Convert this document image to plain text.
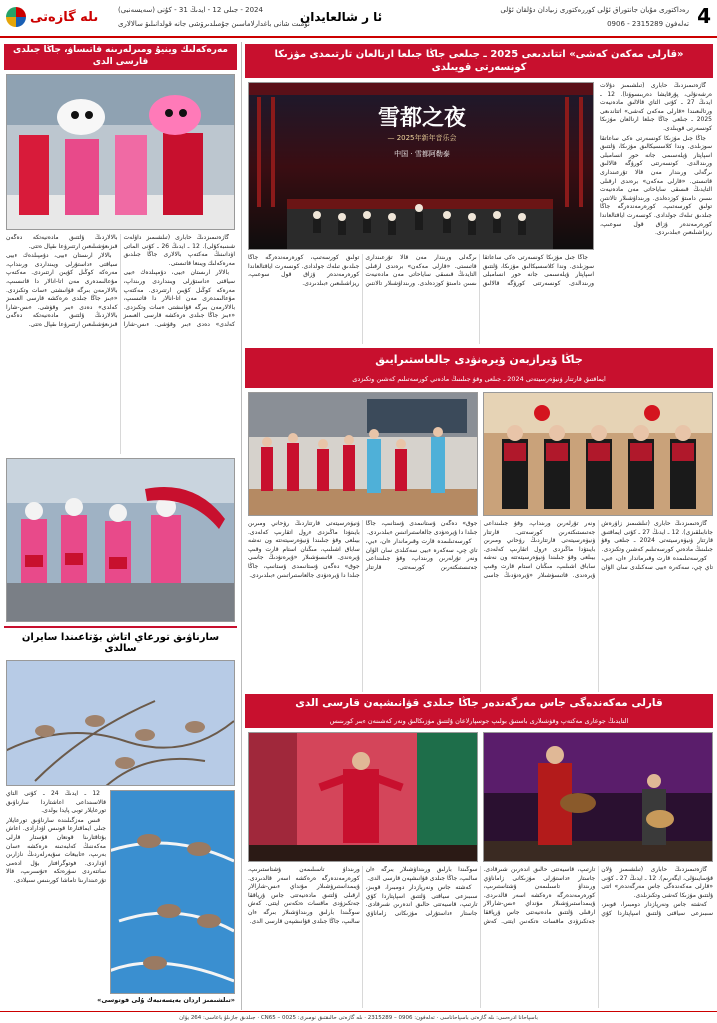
4
رەداكتورى مۇيان جانتوراق ئۇلى كوررەكتورى زىيادان دۇلقان ئۇلى
تەلەفون 2315289 - 0906
ئا ر شالعايدان
2024 - جىلى 12 - ايدىڭ 31 - كۇنى (سەيسەنبى)
ئۇمىت شانى باغدارلاماسىن جۇمىلدىرۋشى جانە قولدانىلىۋ سالالارى
ىلە گازەتى
«قارلى مەكەن كەشى» اتتاندىعى 2025 ـ جىلعى جاڭا جىلعا ارنالعان تارتىمدى مۋزىكا كونسەرتى قويىلدى

گازەتىمىزدىڭ حابارى (تىلشىمىز دۇلات ەرشەنۇلى، پۇرقايشا دەربىسوۆنا). 12 ـ ايدىڭ 27 ـ كۇنى التاي قالالىق مادەنيەت ورتالىعىندا «قارلى مەكەن كەشى» اتتاندىعى 2025 ـ جىلعى جاڭا جىلعا ارنالعان مۋزىكا كونسەرتى قويىلدى.

جاڭا جىل مۋزىكا كونسەرتى ەكى ساعاتقا سوزىلدى. وندا كلاسسيكالىق مۋزىكا، ۇلتتىق اسپاپتار ۇيلەسىمى جانە حور انسامبلى ورىندالدى. كونسەرتتى كورۋگە قالالىق ىرگەلى ورىندار مەن قالا تۇرعىندارى قاتىستى. «قارلى مەكەن» برەندى ارقىلى التايدىڭ قىسقى ساياحاتى مەن مادەنيەت ىسىن دامىتۋ كوزدەلدى. ورىنداۋشىلار تالانتىن تولىق كورسەتىپ، كورەرمەندەرگە جاڭا جىلدىق تىلەك جولدادى. كونسەرت اياقتالعاندا كورەرمەندەر ۇزاق قول سوعىپ، ريزاشىلىعىن ءبىلدىردى.

雪都之夜
— 2025年新年音乐会
中国 · 雪都阿勒泰

جاڭا جىل مۋزىكا كونسەرتى ەكى ساعاتقا سوزىلدى. وندا كلاسسيكالىق مۋزىكا، ۇلتتىق اسپاپتار ۇيلەسىمى جانە حور انسامبلى ورىندالدى. كونسەرتتى كورۋگە قالالىق ىرگەلى ورىندار مەن قالا تۇرعىندارى قاتىستى. «قارلى مەكەن» برەندى ارقىلى التايدىڭ قىسقى ساياحاتى مەن مادەنيەت ىسىن دامىتۋ كوزدەلدى. ورىنداۋشىلار تالانتىن تولىق كورسەتىپ، كورەرمەندەرگە جاڭا جىلدىق تىلەك جولدادى. كونسەرت اياقتالعاندا كورەرمەندەر ۇزاق قول سوعىپ، ريزاشىلىعىن ءبىلدىردى.

جاڭا ۆيرازبەن ۆيرەنۋدى جالعاستىرايىق
ايماقتىق قارتتار ۋنيۆەرسيتەتى 2024 ـ جىلعى وقۋ جىلىنىڭ مادەني كورسەتىلىم كەشىن وتكىزدى

گازەتىمىزدىڭ حابارى (تىلشىمىز زاۋرەش جانابىلقىزى). 12 ـ ايدىڭ 27 ـ كۇنى ايماقتىق قارتتار ۋنيۆەرسيتەتى 2024 ـ جىلعى وقۋ جىلىنىڭ مادەني كورسەتىلىم كەشىن وتكىزدى.

كورسەتىلىمدە قارت وقىرماندار ءان، ءبي، تاي چي، سەكەرە ءبيى سەكىلدى سان الۋان ونەر تۇرلەرىن ورىنداپ، وقۋ جىلىنداعى جەتىستىكتەرىن كورسەتتى. قارتتار ۋنيۆەرسيتەتى قارتتاردىڭ رۋحاني ومىرىن بايىتۋدا ماڭىزدى ءرول اتقارىپ كەلەدى. بيىلعى وقۋ جىلىندا ۋنيۆەرسيتەتتە ون نەشە ساباق اشىلىپ، مىڭنان استام قارت وقىپ ۇيرەندى. قاتىسۋشىلار «ۇيرەنۋدىڭ جاسى جوق» دەگەن ۇستانىمدى ۇستانىپ، جاڭا جىلدا دا ۇيرەنۋدى جالعاستىراتىنىن ءبىلدىردى.

كورسەتىلىمدە قارت وقىرماندار ءان، ءبي، تاي چي، سەكەرە ءبيى سەكىلدى سان الۋان ونەر تۇرلەرىن ورىنداپ، وقۋ جىلىنداعى جەتىستىكتەرىن كورسەتتى. قارتتار ۋنيۆەرسيتەتى قارتتاردىڭ رۋحاني ومىرىن بايىتۋدا ماڭىزدى ءرول اتقارىپ كەلەدى. بيىلعى وقۋ جىلىندا ۋنيۆەرسيتەتتە ون نەشە ساباق اشىلىپ، مىڭنان استام قارت وقىپ ۇيرەندى. قاتىسۋشىلار «ۇيرەنۋدىڭ جاسى جوق» دەگەن ۇستانىمدى ۇستانىپ، جاڭا جىلدا دا ۇيرەنۋدى جالعاستىراتىنىن ءبىلدىردى.

قارلى مەكەندەگى جاس مەرگەندەر جاڭا جىلدى قۋانىشپەن قارسى الدى
التايدىڭ جوعارى مەكتەپ وقۋشىلارى باستىق بولىپ جوسپارلاعان ۇلتتىق مۋزىكالىق ونەر كەشىنەن ءبىر كورىنىس

گازەتىمىزدىڭ حابارى (تىلشىمىز ۇلان قۇسايىنۇلى، ايگەرىم). 12 ـ ايدىڭ 27 ـ كۇنى «قارلى مەكەندەگى جاس مەرگەندەر» اتتى ۇلتتىق مۋزىكا كەشى وتكىزىلدى.

كەشتە جاس ونەرپازدار دومبىرا، قوبىز، سىبىزعى سياقتى ۇلتتىق اسپاپتاردا كۇي تارتىپ، قاسيەتتى حالىق اندەرىن شىرقادى. جاستار ءداستۇرلى مۋزىكانى زاماناۋي ورىنداۋ تاسىلىمەن ۇشتاستىرىپ، كورەرمەندەرگە ەرەكشە اسەر قالدىردى. ۇيىمداستىرۋشىلار مۇنداي ءىس-شارالار ارقىلى ۇلتتىق مادەنيەتتى جاس ۇرپاققا جەتكىزۋدى ماقسات ەتكەنىن ايتتى. كەش سوڭىندا بارلىق ورىنداۋشىلار بىرگە ءان سالىپ، جاڭا جىلدى قۋانىشپەن قارسى الدى.

كەشتە جاس ونەرپازدار دومبىرا، قوبىز، سىبىزعى سياقتى ۇلتتىق اسپاپتاردا كۇي تارتىپ، قاسيەتتى حالىق اندەرىن شىرقادى. جاستار ءداستۇرلى مۋزىكانى زاماناۋي ورىنداۋ تاسىلىمەن ۇشتاستىرىپ، كورەرمەندەرگە ەرەكشە اسەر قالدىردى. ۇيىمداستىرۋشىلار مۇنداي ءىس-شارالار ارقىلى ۇلتتىق مادەنيەتتى جاس ۇرپاققا جەتكىزۋدى ماقسات ەتكەنىن ايتتى. كەش سوڭىندا بارلىق ورىنداۋشىلار بىرگە ءان سالىپ، جاڭا جىلدى قۋانىشپەن قارسى الدى.

مەرەكەلىك وينيۇ ومىرلەرىنە قاتىساۋ، جاڭا جىلدى قارسى الدى

گازەتىمىزدىڭ حابارى (تىلشىمىز داۋلەت شىنىبەكۇلى). 12 ـ ايدىڭ 26 ـ كۇنى الماتى اۋدانىنىڭ مەكتەپ بالالارى جاڭا جىلدىق مەرەكەلىك ويىنعا قاتىستى.

بالالار ارىستان ءبيى، دۇمپىلدەك ءبيى سياقتى ءداستۇرلى ويىنداردى ورىنداپ، مەرەكە كوڭىل كۇيىن ارتتىردى. مەكتەپ مۇعالىمدەرى مەن اتا-انالار دا قاتىسىپ، بالالارمەن بىرگە قۋانىشتى ءسات وتكىزدى. «ءبىز جاڭا جىلدى ەرەكشە قارسى العىمىز كەلدى» دەدى ءبىر وقۋشى. ءىس-شارا بالالاردىڭ ۇلتتىق مادەنيەتكە دەگەن قىزىعۋشىلىعىن ارتتىرۋعا ىقپال ەتتى.

بالالار ارىستان ءبيى، دۇمپىلدەك ءبيى سياقتى ءداستۇرلى ويىنداردى ورىنداپ، مەرەكە كوڭىل كۇيىن ارتتىردى. مەكتەپ مۇعالىمدەرى مەن اتا-انالار دا قاتىسىپ، بالالارمەن بىرگە قۋانىشتى ءسات وتكىزدى. «ءبىز جاڭا جىلدى ەرەكشە قارسى العىمىز كەلدى» دەدى ءبىر وقۋشى. ءىس-شارا بالالاردىڭ ۇلتتىق مادەنيەتكە دەگەن قىزىعۋشىلىعىن ارتتىرۋعا ىقپال ەتتى.

سارناۋىق تورعاي اتاش بۆتاعىندا سايران سالدى

12 ـ ايدىڭ 24 ـ كۇنى التاي قالاسىنداعى اعاشتاردا سارناۋىق تورعايلار توبى پايدا بولدى.

قىس مەزگىلىندە سارناۋىق تورعايلار جىلى ايماقتارعا قونىس اۋدارادى. اعاش بۇتاقتارىنا قونعان قۇستار قارلى مەكەننىڭ كەلبەتىنە ەرەكشە ءسان بەرىپ، ءتابيعات سۇيەرلەردىڭ نازارىن اۋداردى. فوتوگرافتار بۇل ادەمى ساتتەردى سۋرەتكە ءتۇسىرىپ، قالا تۇرعىندارىنا تاماشا كورىنىس سىيلادى.

«تىلشىمىز اردان بەيسەنبەك ۇلى فوتوسى»
باسپاحانا ادرەسى: ىلە گازەتى باسپاحاناسى · تەلەفون: 0906 – 2315289 · ىلە گازەتى حالىقتىق نومىرى: CN65 – 0025 · جىلدىق جازىلۋ باعاسى: 264 يۋان
